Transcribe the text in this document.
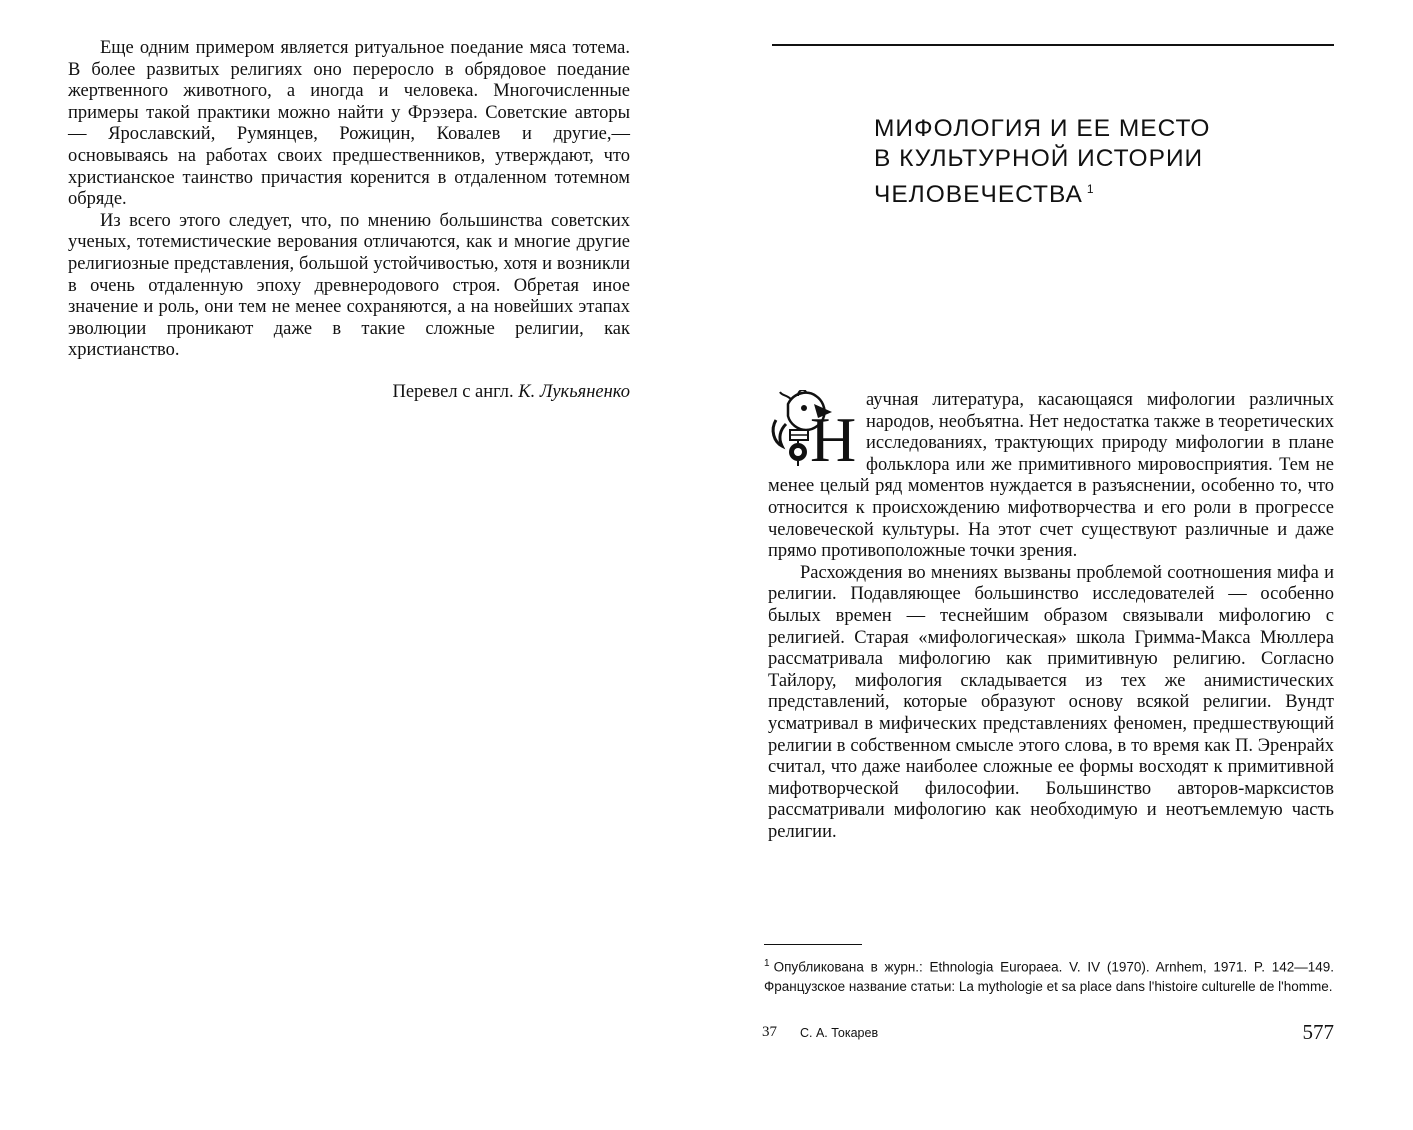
Еще одним примером является ритуальное поедание мяса тотема. В более развитых религиях оно переросло в обрядовое поедание жертвенного животного, а иногда и человека. Многочисленные примеры такой практики можно найти у Фрэзера. Советские авторы — Ярославский, Румянцев, Рожицин, Ковалев и другие,— основываясь на работах своих предшественников, утверждают, что христианское таинство причастия коренится в отдаленном тотемном обряде.

Из всего этого следует, что, по мнению большинства советских ученых, тотемистические верования отличаются, как и многие другие религиозные представления, большой устойчивостью, хотя и возникли в очень отдаленную эпоху древнеродового строя. Обретая иное значение и роль, они тем не менее сохраняются, а на новейших этапах эволюции проникают даже в такие сложные религии, как христианство.

Перевел с англ. К. Лукьяненко
МИФОЛОГИЯ И ЕЕ МЕСТО
В КУЛЬТУРНОЙ ИСТОРИИ
ЧЕЛОВЕЧЕСТВА $^1$

Н
аучная литература, касающаяся мифологии различных народов, необъятна. Нет недостатка также в теоретических исследованиях, трактующих природу мифологии в плане фольклора или же примитивного мировосприятия. Тем не менее целый ряд моментов нуждается в разъяснении, особенно то, что относится к происхождению мифотворчества и его роли в прогрессе человеческой культуры. На этот счет существуют различные и даже прямо противоположные точки зрения.

Расхождения во мнениях вызваны проблемой соотношения мифа и религии. Подавляющее большинство исследователей — особенно былых времен — теснейшим образом связывали мифологию с религией. Старая «мифологическая» школа Гримма-Макса Мюллера рассматривала мифологию как примитивную религию. Согласно Тайлору, мифология складывается из тех же анимистических представлений, которые образуют основу всякой религии. Вундт усматривал в мифических представлениях феномен, предшествующий религии в собственном смысле этого слова, в то время как П. Эренрайх считал, что даже наиболее сложные ее формы восходят к примитивной мифотворческой философии. Большинство авторов-марксистов рассматривали мифологию как необходимую и неотъемлемую часть религии.

$^1$ Опубликована в журн.: Ethnologia Europaea. V. IV (1970). Arnhem, 1971. P. 142—149. Французское название статьи: La mythologie et sa place dans l'histoire culturelle de l'homme.

37 С. А. Токарев	577
